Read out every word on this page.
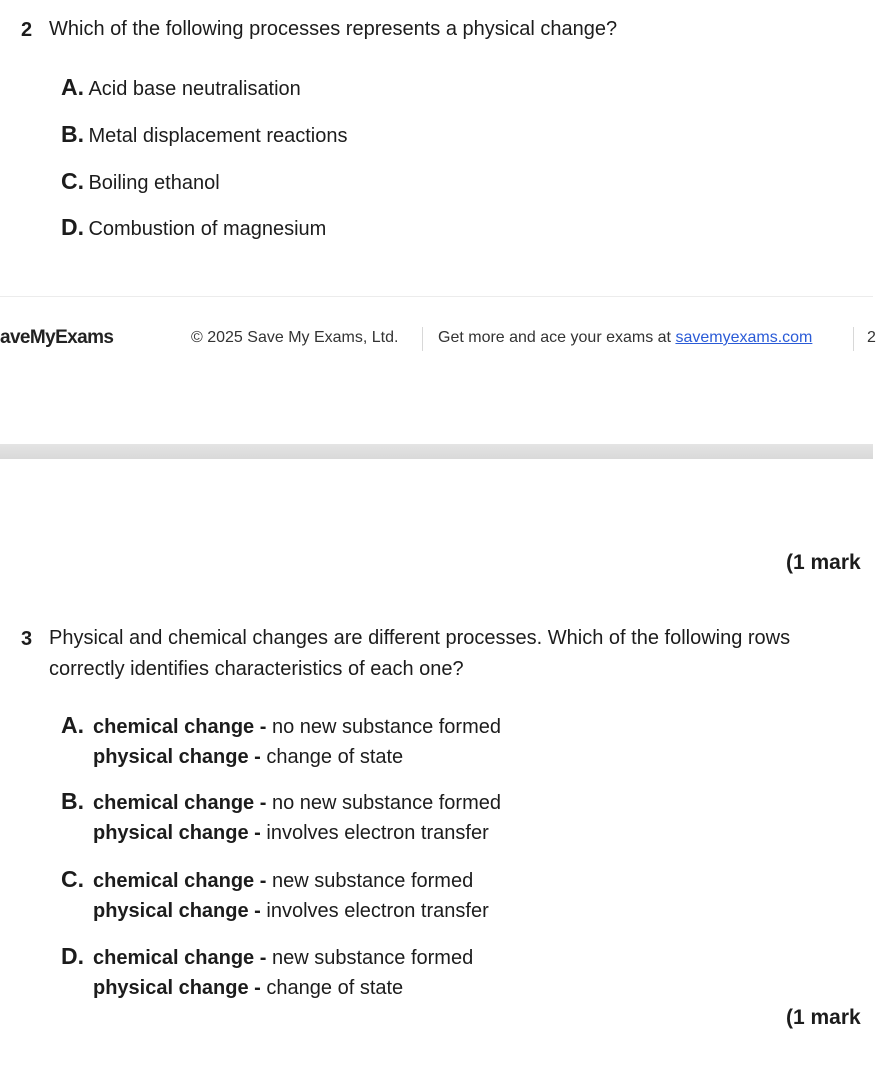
2 Which of the following processes represents a physical change?
A. Acid base neutralisation
B. Metal displacement reactions
C. Boiling ethanol
D. Combustion of magnesium
aveMyExams	© 2025 Save My Exams, Ltd. Get more and ace your exams at savemyexams.com	2
(1 mark
3 Physical and chemical changes are different processes. Which of the following rows
correctly identifies characteristics of each one?
A. chemical change - no new substance formed
physical change - change of state
B. chemical change - no new substance formed
physical change - involves electron transfer
C. chemical change - new substance formed
physical change - involves electron transfer
D. chemical change - new substance formed
physical change - change of state
(1 mark
